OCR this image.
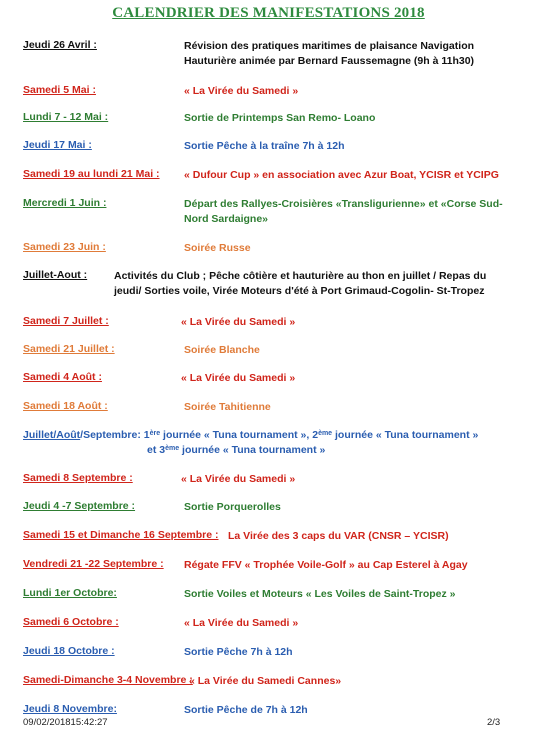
CALENDRIER DES MANIFESTATIONS 2018
Jeudi 26 Avril :	Révision des pratiques maritimes de plaisance Navigation Hauturière animée par Bernard Faussemagne (9h à 11h30)
Samedi 5 Mai :	« La Virée du Samedi »
Lundi 7 - 12 Mai :	Sortie de Printemps San Remo- Loano
Jeudi 17 Mai :	Sortie Pêche à la traîne 7h à 12h
Samedi 19 au lundi 21 Mai : « Dufour Cup » en association avec Azur Boat, YCISR et YCIPG
Mercredi 1 Juin :	Départ des Rallyes-Croisières «Transligurienne» et «Corse Sud-Nord Sardaigne»
Samedi 23 Juin :	Soirée Russe
Juillet-Aout :	Activités du Club ; Pêche côtière et hauturière au thon en juillet / Repas du jeudi/ Sorties voile, Virée Moteurs d'été à Port Grimaud-Cogolin- St-Tropez
Samedi 7 Juillet :	« La Virée du Samedi »
Samedi 21 Juillet :	Soirée Blanche
Samedi 4 Août :	« La Virée du Samedi »
Samedi 18 Août :	Soirée Tahitienne
Juillet/Août/Septembre: 1ère journée « Tuna tournament », 2ème journée « Tuna tournament »
et 3ème journée « Tuna tournament »
Samedi 8 Septembre :	« La Virée du Samedi »
Jeudi 4 -7 Septembre :	Sortie Porquerolles
Samedi 15 et Dimanche 16 Septembre : La Virée des 3 caps du VAR (CNSR – YCISR)
Vendredi 21 -22 Septembre : Régate FFV « Trophée Voile-Golf » au Cap Esterel à Agay
Lundi 1er Octobre:	Sortie Voiles et Moteurs « Les Voiles de Saint-Tropez »
Samedi 6 Octobre :	« La Virée du Samedi »
Jeudi 18 Octobre :	Sortie Pêche 7h à 12h
Samedi-Dimanche 3-4 Novembre :
« La Virée du Samedi Cannes»
Jeudi 8 Novembre:	Sortie Pêche de 7h à 12h
09/02/201815:42:27	2/3
